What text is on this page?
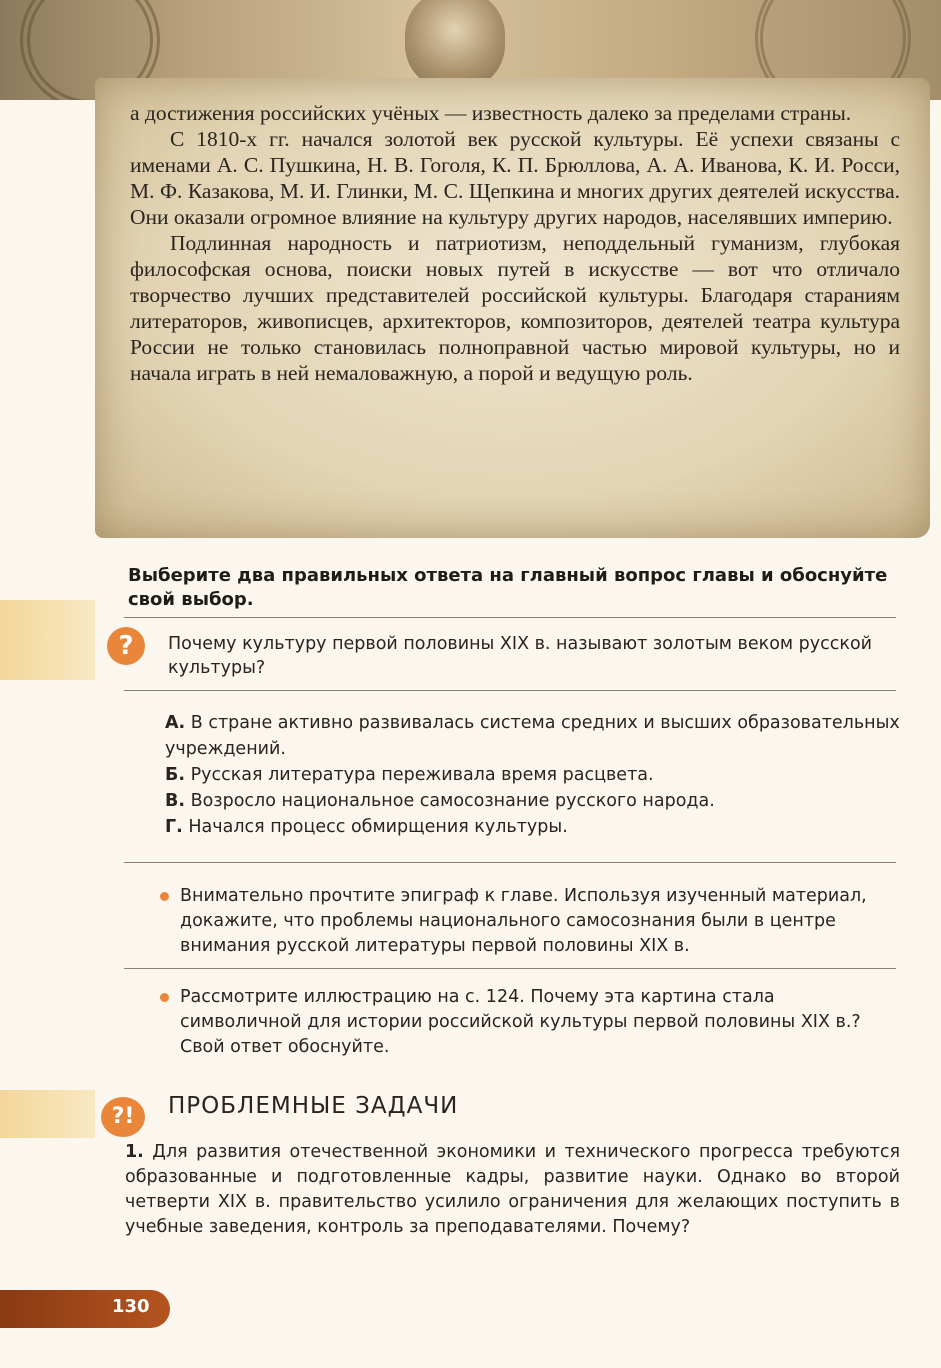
а достижения российских учёных — известность далеко за пределами страны.

С 1810-х гг. начался золотой век русской культуры. Её успехи связаны с именами А. С. Пушкина, Н. В. Гоголя, К. П. Брюллова, А. А. Иванова, К. И. Росси, М. Ф. Казакова, М. И. Глинки, М. С. Щепкина и многих других деятелей искусства. Они оказали огромное влияние на культуру других народов, населявших империю.

Подлинная народность и патриотизм, неподдельный гуманизм, глубокая философская основа, поиски новых путей в искусстве — вот что отличало творчество лучших представителей российской культуры. Благодаря стараниям литераторов, живописцев, архитекторов, композиторов, деятелей театра культура России не только становилась полноправной частью мировой культуры, но и начала играть в ней немаловажную, а порой и ведущую роль.

Выберите два правильных ответа на главный вопрос главы и обоснуйте свой выбор.
?	Почему культуру первой половины XIX в. называют золотым веком русской культуры?
А. В стране активно развивалась система средних и высших образовательных учреждений.
Б. Русская литература переживала время расцвета.
В. Возросло национальное самосознание русского народа.
Г. Начался процесс обмирщения культуры.
Внимательно прочтите эпиграф к главе. Используя изученный материал, докажите, что проблемы национального самосознания были в центре внимания русской литературы первой половины XIX в.
Рассмотрите иллюстрацию на с. 124. Почему эта картина стала символичной для истории российской культуры первой половины XIX в.? Свой ответ обоснуйте.
?!	ПРОБЛЕМНЫЕ ЗАДАЧИ
1. Для развития отечественной экономики и технического прогресса требуются образованные и подготовленные кадры, развитие науки. Однако во второй четверти XIX в. правительство усилило ограничения для желающих поступить в учебные заведения, контроль за преподавателями. Почему?
130
